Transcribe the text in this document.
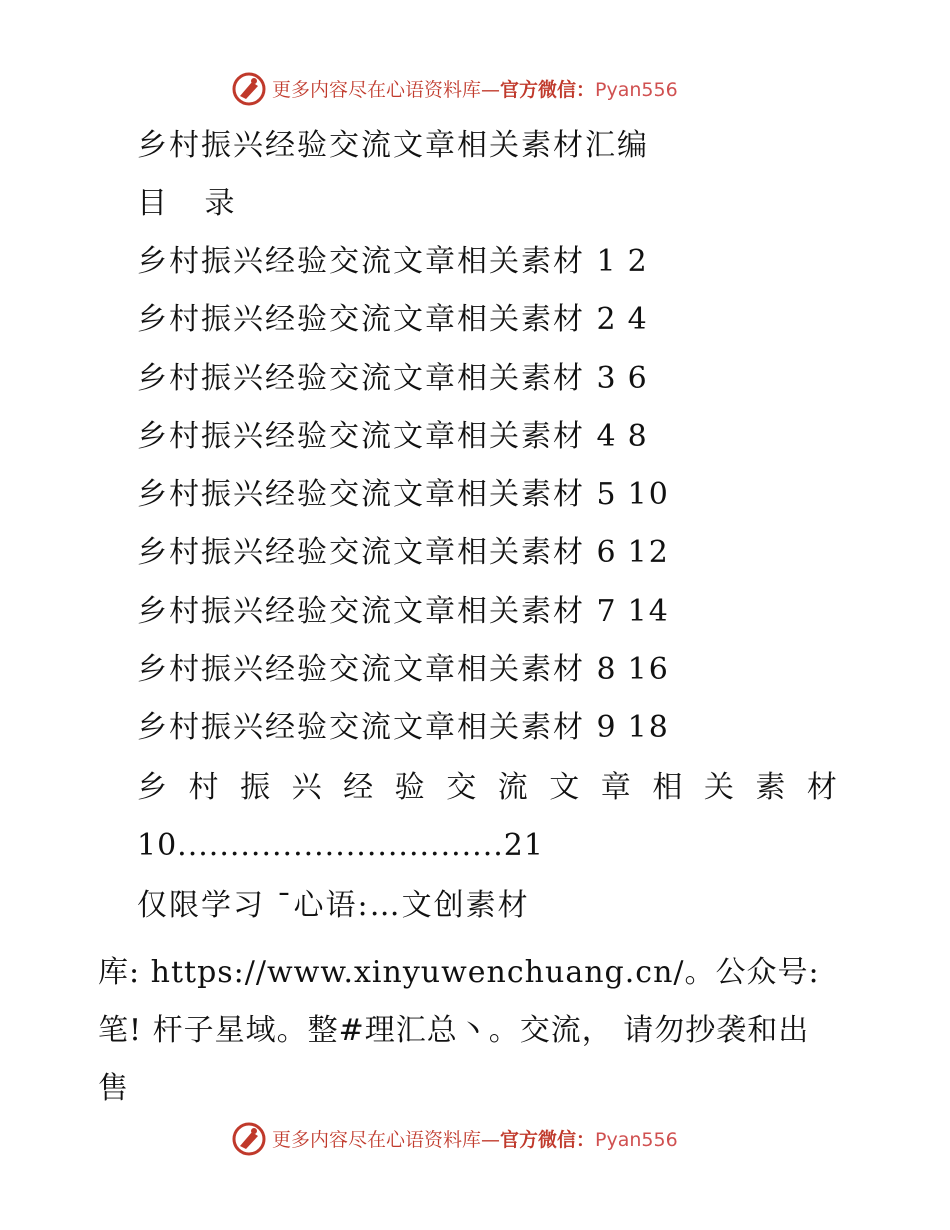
更多内容尽在心语资料库—官方微信：Pyan556
乡村振兴经验交流文章相关素材汇编
目 录
乡村振兴经验交流文章相关素材 1 2
乡村振兴经验交流文章相关素材 2 4
乡村振兴经验交流文章相关素材 3 6
乡村振兴经验交流文章相关素材 4 8
乡村振兴经验交流文章相关素材 5 10
乡村振兴经验交流文章相关素材 6 12
乡村振兴经验交流文章相关素材 7 14
乡村振兴经验交流文章相关素材 8 16
乡村振兴经验交流文章相关素材 9 18
乡 村 振 兴 经 验 交 流 文 章 相 关 素 材
10...............................21
仅限学习 ¯心语:…文创素材
库: https://www.xinyuwenchuang.cn/。公众号:笔! 杆子星域。整#理汇总丶。交流， 请勿抄袭和出售
更多内容尽在心语资料库—官方微信：Pyan556
